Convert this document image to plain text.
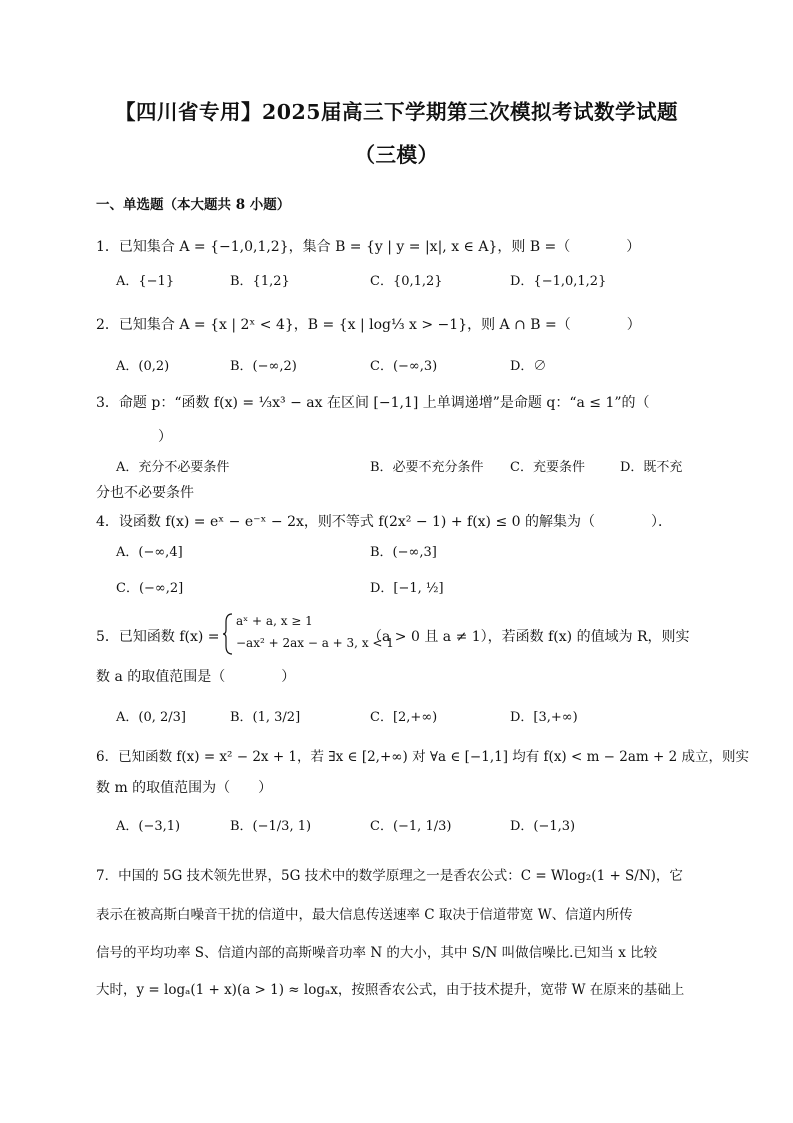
【四川省专用】2025届高三下学期第三次模拟考试数学试题
（三模）
一、单选题（本大题共 8 小题）
1．已知集合 A = {−1,0,1,2}，集合 B = {y | y = |x|, x ∈ A}，则 B =（　　　　）
A．{−1}	B．{1,2}	C．{0,1,2}	D．{−1,0,1,2}
2．已知集合 A = {x | 2ˣ < 4}，B = {x | log⅓ x > −1}，则 A ∩ B =（　　　　）
A．(0,2)	B．(−∞,2)	C．(−∞,3)	D．∅
3．命题 p：“函数 f(x) = ⅓x³ − ax 在区间 [−1,1] 上单调递增”是命题 q：“a ≤ 1”的（
　　）
A．充分不必要条件	B．必要不充分条件 C．充要条件	D．既不充
分也不必要条件
4．设函数 f(x) = eˣ − e⁻ˣ − 2x，则不等式 f(2x² − 1) + f(x) ≤ 0 的解集为（　　　　）．
A．(−∞,4]	B．(−∞,3]
C．(−∞,2]	D．[−1, ½]
5．已知函数 f(x) =
aˣ + a, x ≥ 1
−ax² + 2ax − a + 3, x < 1
（a > 0 且 a ≠ 1），若函数 f(x) 的值域为 R，则实
数 a 的取值范围是（　　　　）
A．(0, 2/3]	B．(1, 3/2]	C．[2,+∞)	D．[3,+∞)
6．已知函数 f(x) = x² − 2x + 1，若 ∃x ∈ [2,+∞) 对 ∀a ∈ [−1,1] 均有 f(x) < m − 2am + 2 成立，则实
数 m 的取值范围为（　　）
A．(−3,1)	B．(−1/3, 1)	C．(−1, 1/3)	D．(−1,3)
7．中国的 5G 技术领先世界，5G 技术中的数学原理之一是香农公式：C = Wlog₂(1 + S/N)，它
表示在被高斯白噪音干扰的信道中，最大信息传送速率 C 取决于信道带宽 W、信道内所传
信号的平均功率 S、信道内部的高斯噪音功率 N 的大小，其中 S/N 叫做信噪比.已知当 x 比较
大时，y = logₐ(1 + x)(a > 1) ≈ logₐx，按照香农公式，由于技术提升，宽带 W 在原来的基础上
